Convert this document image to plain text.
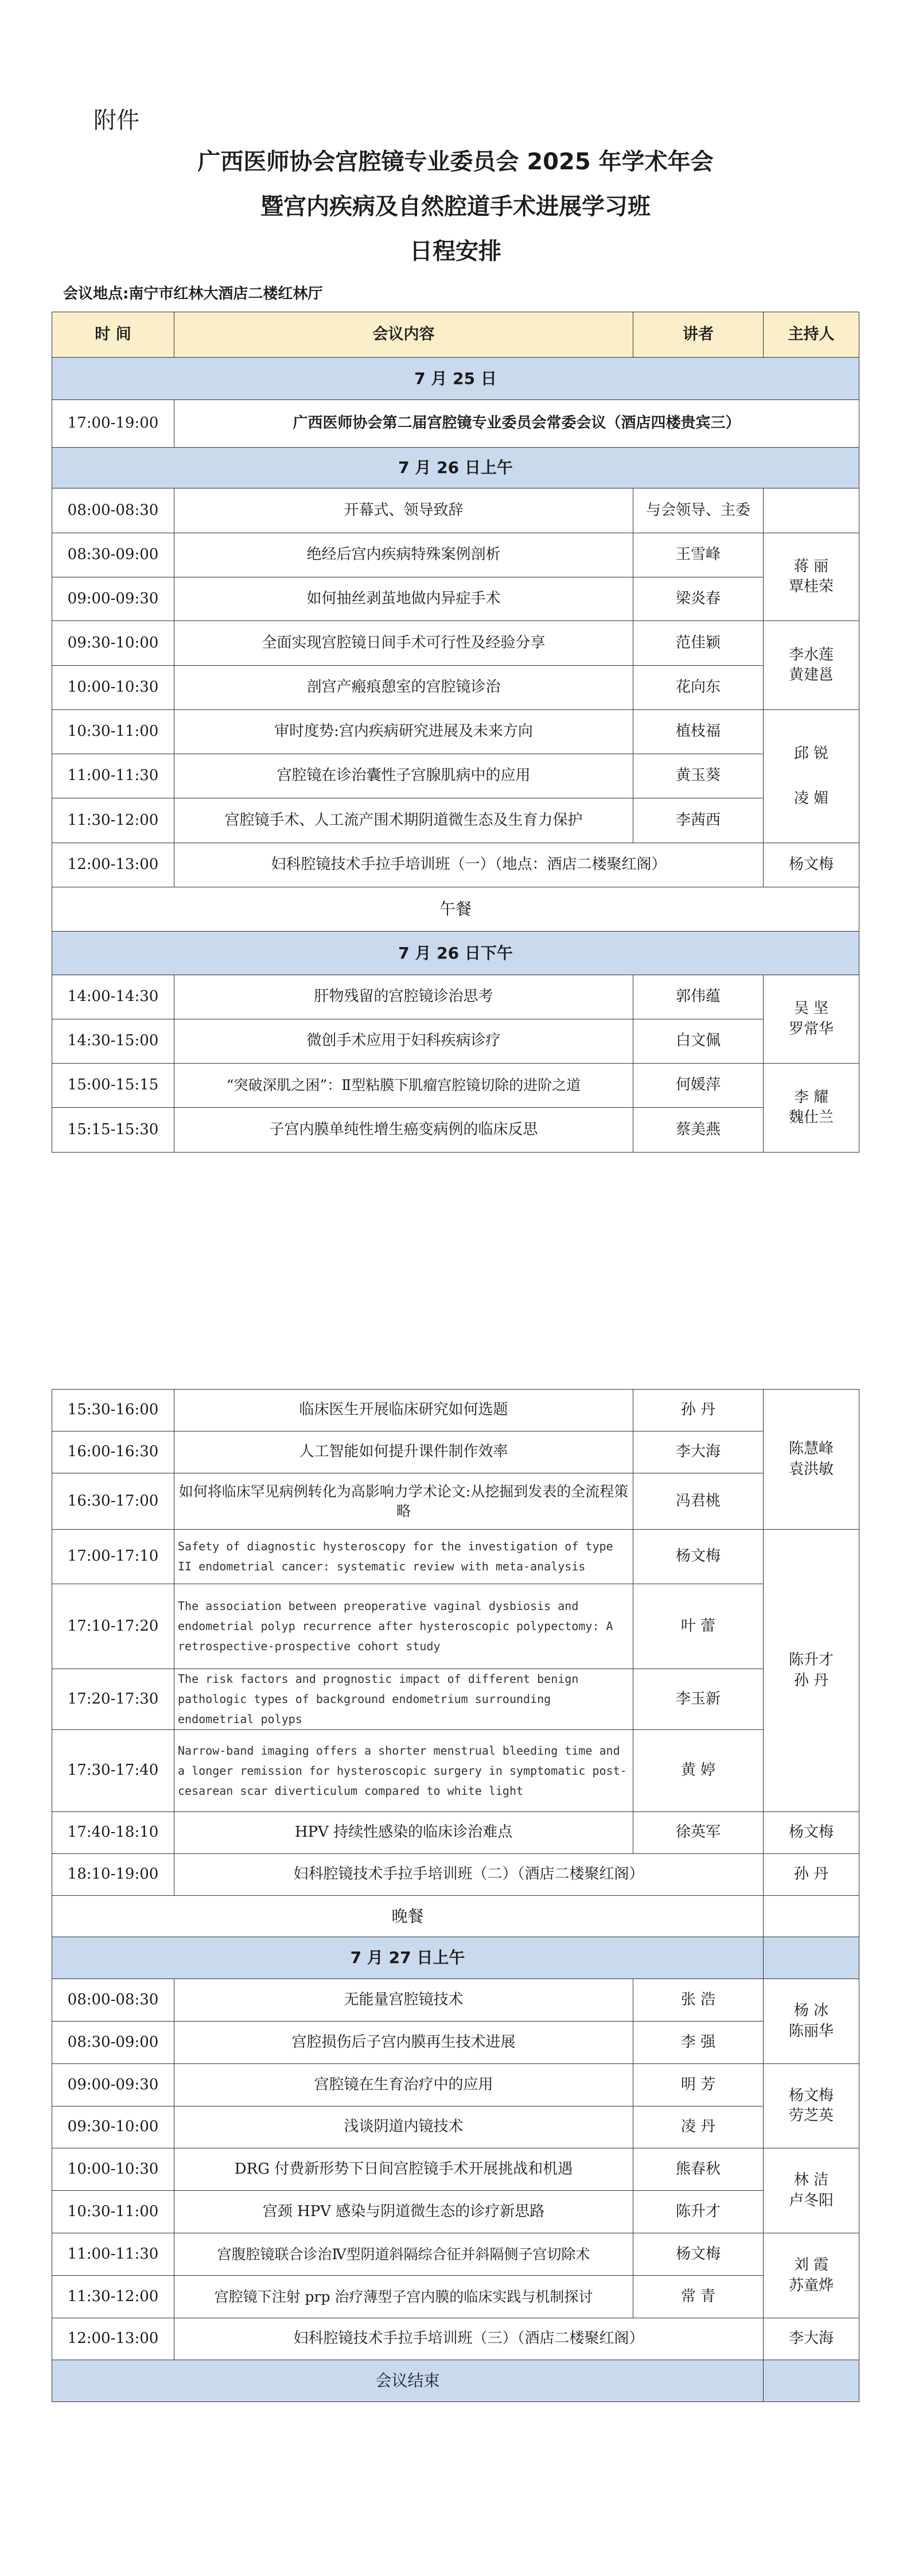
附件
广西医师协会宫腔镜专业委员会 2025 年学术年会
暨宫内疾病及自然腔道手术进展学习班
日程安排
会议地点:南宁市红林大酒店二楼红林厅
时 间	会议内容	讲者	主持人
7 月 25 日			
17:00-19:00	广西医师协会第二届宫腔镜专业委员会常委会议（酒店四楼贵宾三）		
7 月 26 日上午			
08:00-08:30	开幕式、领导致辞	与会领导、主委	
08:30-09:00	绝经后宫内疾病特殊案例剖析	王雪峰	蒋 丽
覃桂荣

09:00-09:30	如何抽丝剥茧地做内异症手术	梁炎春	
09:30-10:00	全面实现宫腔镜日间手术可行性及经验分享	范佳颖	李水莲
黄建邕

10:00-10:30	剖宫产瘢痕憩室的宫腔镜诊治	花向东	
10:30-11:00	审时度势:宫内疾病研究进展及未来方向	植枝福	邱 锐
凌 媚

11:00-11:30	宫腔镜在诊治囊性子宫腺肌病中的应用	黄玉葵	
11:30-12:00	宫腔镜手术、人工流产围术期阴道微生态及生育力保护	李茜西	
12:00-13:00	妇科腔镜技术手拉手培训班（一）（地点：酒店二楼聚红阁）		杨文梅

午餐			
7 月 26 日下午			
14:00-14:30	肝物残留的宫腔镜诊治思考	郭伟蕴	吴 坚
罗常华

14:30-15:00	微创手术应用于妇科疾病诊疗	白文佩	
15:00-15:15	“突破深肌之困”：Ⅱ型粘膜下肌瘤宫腔镜切除的进阶之道	何媛萍	李 耀
魏仕兰

15:15-15:30	子宫内膜单纯性增生癌变病例的临床反思	蔡美燕	
15:30-16:00	临床医生开展临床研究如何选题	孙 丹	陈慧峰
袁洪敏

16:00-16:30	人工智能如何提升课件制作效率	李大海	
16:30-17:00	如何将临床罕见病例转化为高影响力学术论文:从挖掘到发表的全流程策略	冯君桃	
17:00-17:10	Safety of diagnostic hysteroscopy for the investigation of type II endometrial cancer: systematic review with meta-analysis	杨文梅	陈升才
孙 丹

17:10-17:20	The association between preoperative vaginal dysbiosis and endometrial polyp recurrence after hysteroscopic polypectomy: A retrospective-prospective cohort study	叶 蕾	
17:20-17:30	The risk factors and prognostic impact of different benign pathologic types of background endometrium surrounding endometrial polyps	李玉新	
17:30-17:40	Narrow-band imaging offers a shorter menstrual bleeding time and a longer remission for hysteroscopic surgery in symptomatic post-cesarean scar diverticulum compared to white light	黄 婷	
17:40-18:10	HPV 持续性感染的临床诊治难点	徐英军	杨文梅

18:10-19:00	妇科腔镜技术手拉手培训班（二）（酒店二楼聚红阁）		孙 丹

晚餐			
7 月 27 日上午			
08:00-08:30	无能量宫腔镜技术	张 浩	杨 冰
陈丽华

08:30-09:00	宫腔损伤后子宫内膜再生技术进展	李 强	
09:00-09:30	宫腔镜在生育治疗中的应用	明 芳	杨文梅
劳芝英

09:30-10:00	浅谈阴道内镜技术	凌 丹	
10:00-10:30	DRG 付费新形势下日间宫腔镜手术开展挑战和机遇	熊春秋	林 洁
卢冬阳

10:30-11:00	宫颈 HPV 感染与阴道微生态的诊疗新思路	陈升才	
11:00-11:30	宫腹腔镜联合诊治Ⅳ型阴道斜隔综合征并斜隔侧子宫切除术	杨文梅	刘 霞
苏童烨

11:30-12:00	宫腔镜下注射 prp 治疗薄型子宫内膜的临床实践与机制探讨	常 青	
12:00-13:00	妇科腔镜技术手拉手培训班（三）（酒店二楼聚红阁）		李大海

会议结束			
